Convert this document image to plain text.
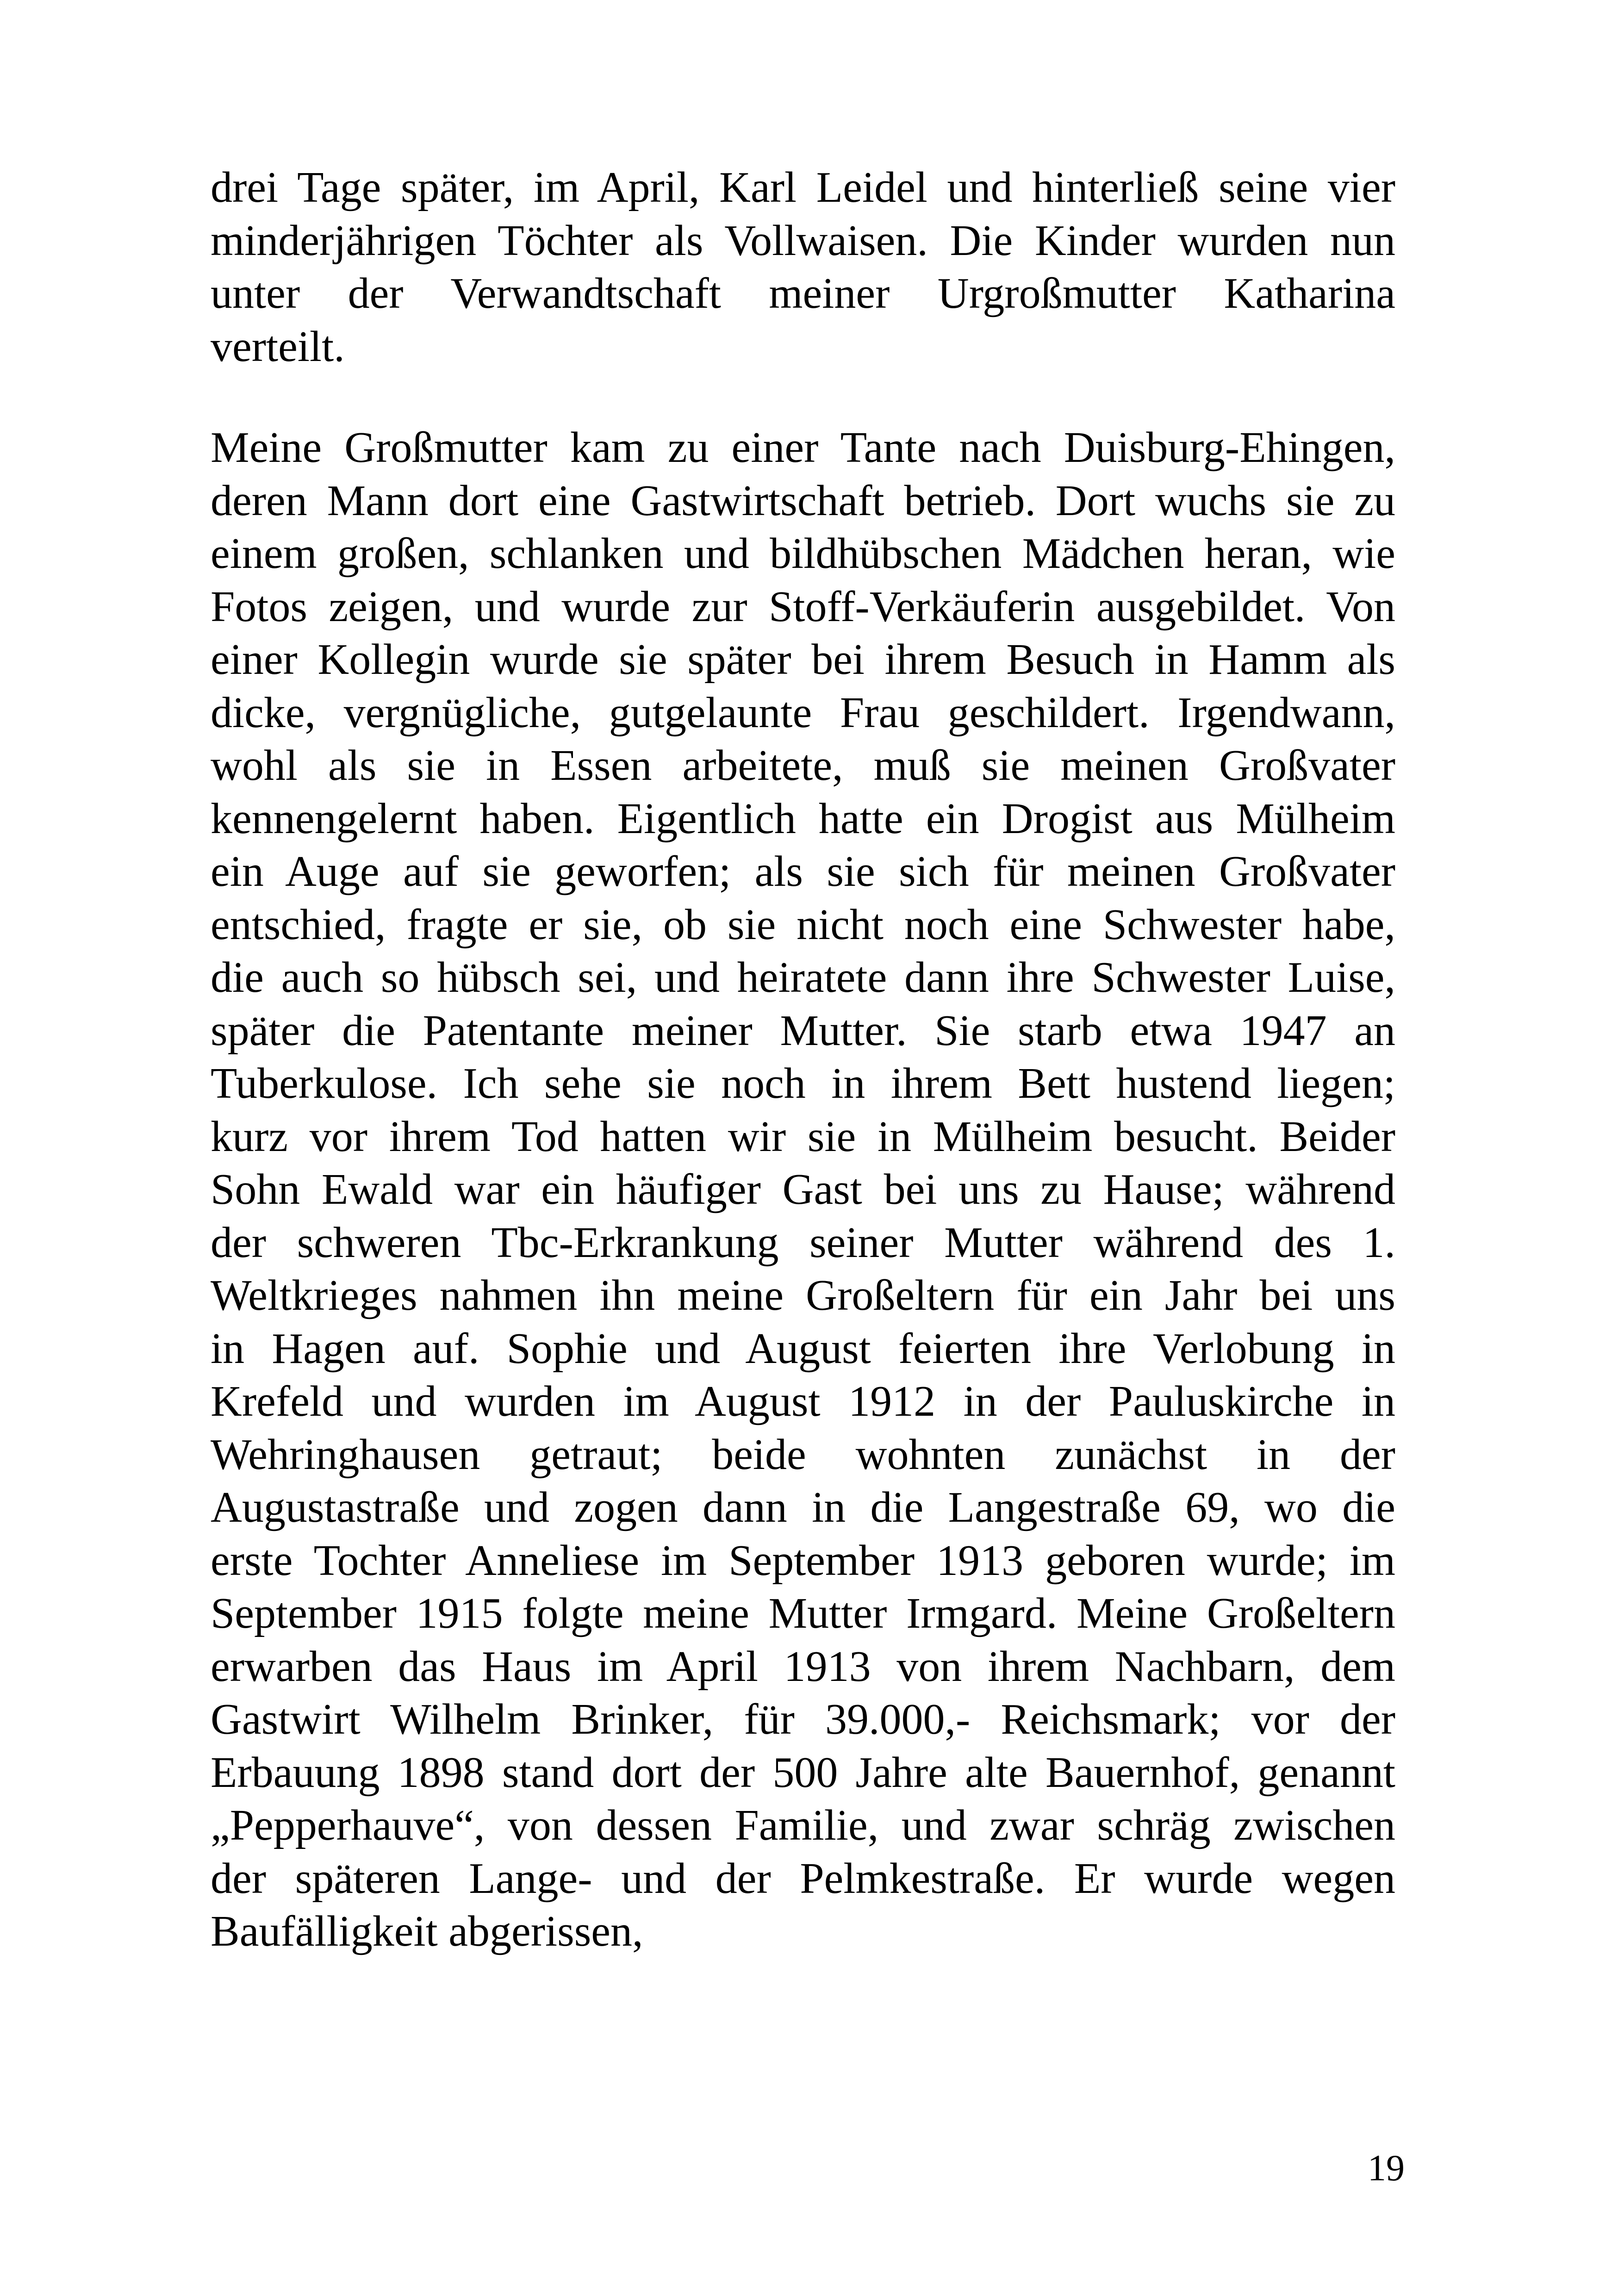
drei Tage später, im April, Karl Leidel und hinterließ seine vier
minderjährigen Töchter als Vollwaisen. Die Kinder wurden nun
unter der Verwandtschaft meiner Urgroßmutter Katharina
verteilt.
Meine Großmutter kam zu einer Tante nach Duisburg-Ehingen,
deren Mann dort eine Gastwirtschaft betrieb. Dort wuchs sie zu
einem großen, schlanken und bildhübschen Mädchen heran, wie
Fotos zeigen, und wurde zur Stoff-Verkäuferin ausgebildet. Von
einer Kollegin wurde sie später bei ihrem Besuch in Hamm als
dicke, vergnügliche, gutgelaunte Frau geschildert. Irgendwann,
wohl als sie in Essen arbeitete, muß sie meinen Großvater
kennengelernt haben. Eigentlich hatte ein Drogist aus Mülheim
ein Auge auf sie geworfen; als sie sich für meinen Großvater
entschied, fragte er sie, ob sie nicht noch eine Schwester habe,
die auch so hübsch sei, und heiratete dann ihre Schwester Luise,
später die Patentante meiner Mutter. Sie starb etwa 1947 an
Tuberkulose. Ich sehe sie noch in ihrem Bett hustend liegen;
kurz vor ihrem Tod hatten wir sie in Mülheim besucht. Beider
Sohn Ewald war ein häufiger Gast bei uns zu Hause; während
der schweren Tbc-Erkrankung seiner Mutter während des 1.
Weltkrieges nahmen ihn meine Großeltern für ein Jahr bei uns
in Hagen auf. Sophie und August feierten ihre Verlobung in
Krefeld und wurden im August 1912 in der Pauluskirche in
Wehringhausen getraut; beide wohnten zunächst in der
Augustastraße und zogen dann in die Langestraße 69, wo die
erste Tochter Anneliese im September 1913 geboren wurde; im
September 1915 folgte meine Mutter Irmgard. Meine Großeltern
erwarben das Haus im April 1913 von ihrem Nachbarn, dem
Gastwirt Wilhelm Brinker, für 39.000,- Reichsmark; vor der
Erbauung 1898 stand dort der 500 Jahre alte Bauernhof, genannt
„Pepperhauve“, von dessen Familie, und zwar schräg zwischen
der späteren Lange- und der Pelmkestraße. Er wurde wegen
Baufälligkeit abgerissen,
19
